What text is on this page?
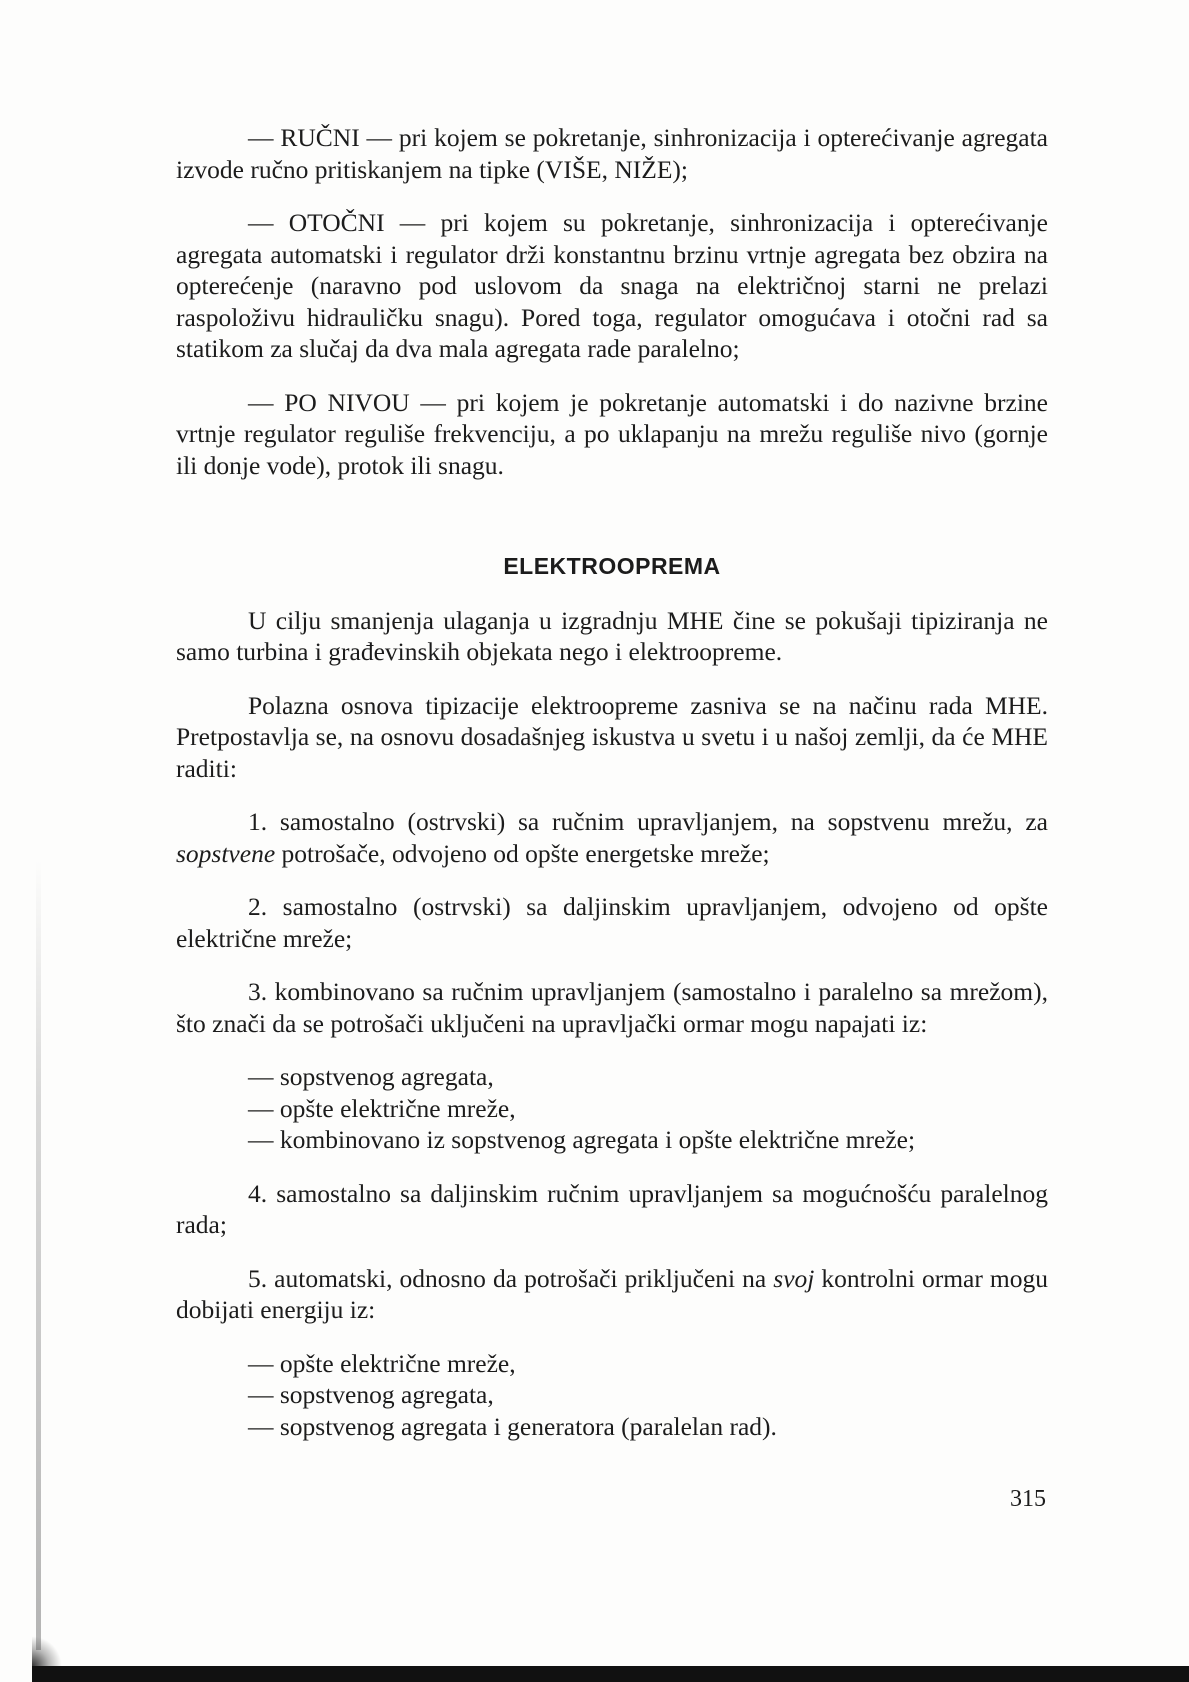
— RUČNI — pri kojem se pokretanje, sinhronizacija i opterećivanje agregata izvode ručno pritiskanjem na tipke (VIŠE, NIŽE);

— OTOČNI — pri kojem su pokretanje, sinhronizacija i opterećivanje agregata automatski i regulator drži konstantnu brzinu vrtnje agregata bez obzira na opterećenje (naravno pod uslovom da snaga na električnoj starni ne prelazi raspoloživu hidrauličku snagu). Pored toga, regulator omogućava i otočni rad sa statikom za slučaj da dva mala agregata rade paralelno;

— PO NIVOU — pri kojem je pokretanje automatski i do nazivne brzine vrtnje regulator reguliše frekvenciju, a po uklapanju na mrežu reguliše nivo (gornje ili donje vode), protok ili snagu.

ELEKTROOPREMA

U cilju smanjenja ulaganja u izgradnju MHE čine se pokušaji tipiziranja ne samo turbina i građevinskih objekata nego i elektroopreme.

Polazna osnova tipizacije elektroopreme zasniva se na načinu rada MHE. Pretpostavlja se, na osnovu dosadašnjeg iskustva u svetu i u našoj zemlji, da će MHE raditi:

1. samostalno (ostrvski) sa ručnim upravljanjem, na sopstvenu mrežu, za sopstvene potrošače, odvojeno od opšte energetske mreže;

2. samostalno (ostrvski) sa daljinskim upravljanjem, odvojeno od opšte električne mreže;

3. kombinovano sa ručnim upravljanjem (samostalno i paralelno sa mrežom), što znači da se potrošači uključeni na upravljački ormar mogu napajati iz:

— sopstvenog agregata,
— opšte električne mreže,
— kombinovano iz sopstvenog agregata i opšte električne mreže;

4. samostalno sa daljinskim ručnim upravljanjem sa mogućnošću paralelnog rada;

5. automatski, odnosno da potrošači priključeni na svoj kontrolni ormar mogu dobijati energiju iz:

— opšte električne mreže,
— sopstvenog agregata,
— sopstvenog agregata i generatora (paralelan rad).
315
